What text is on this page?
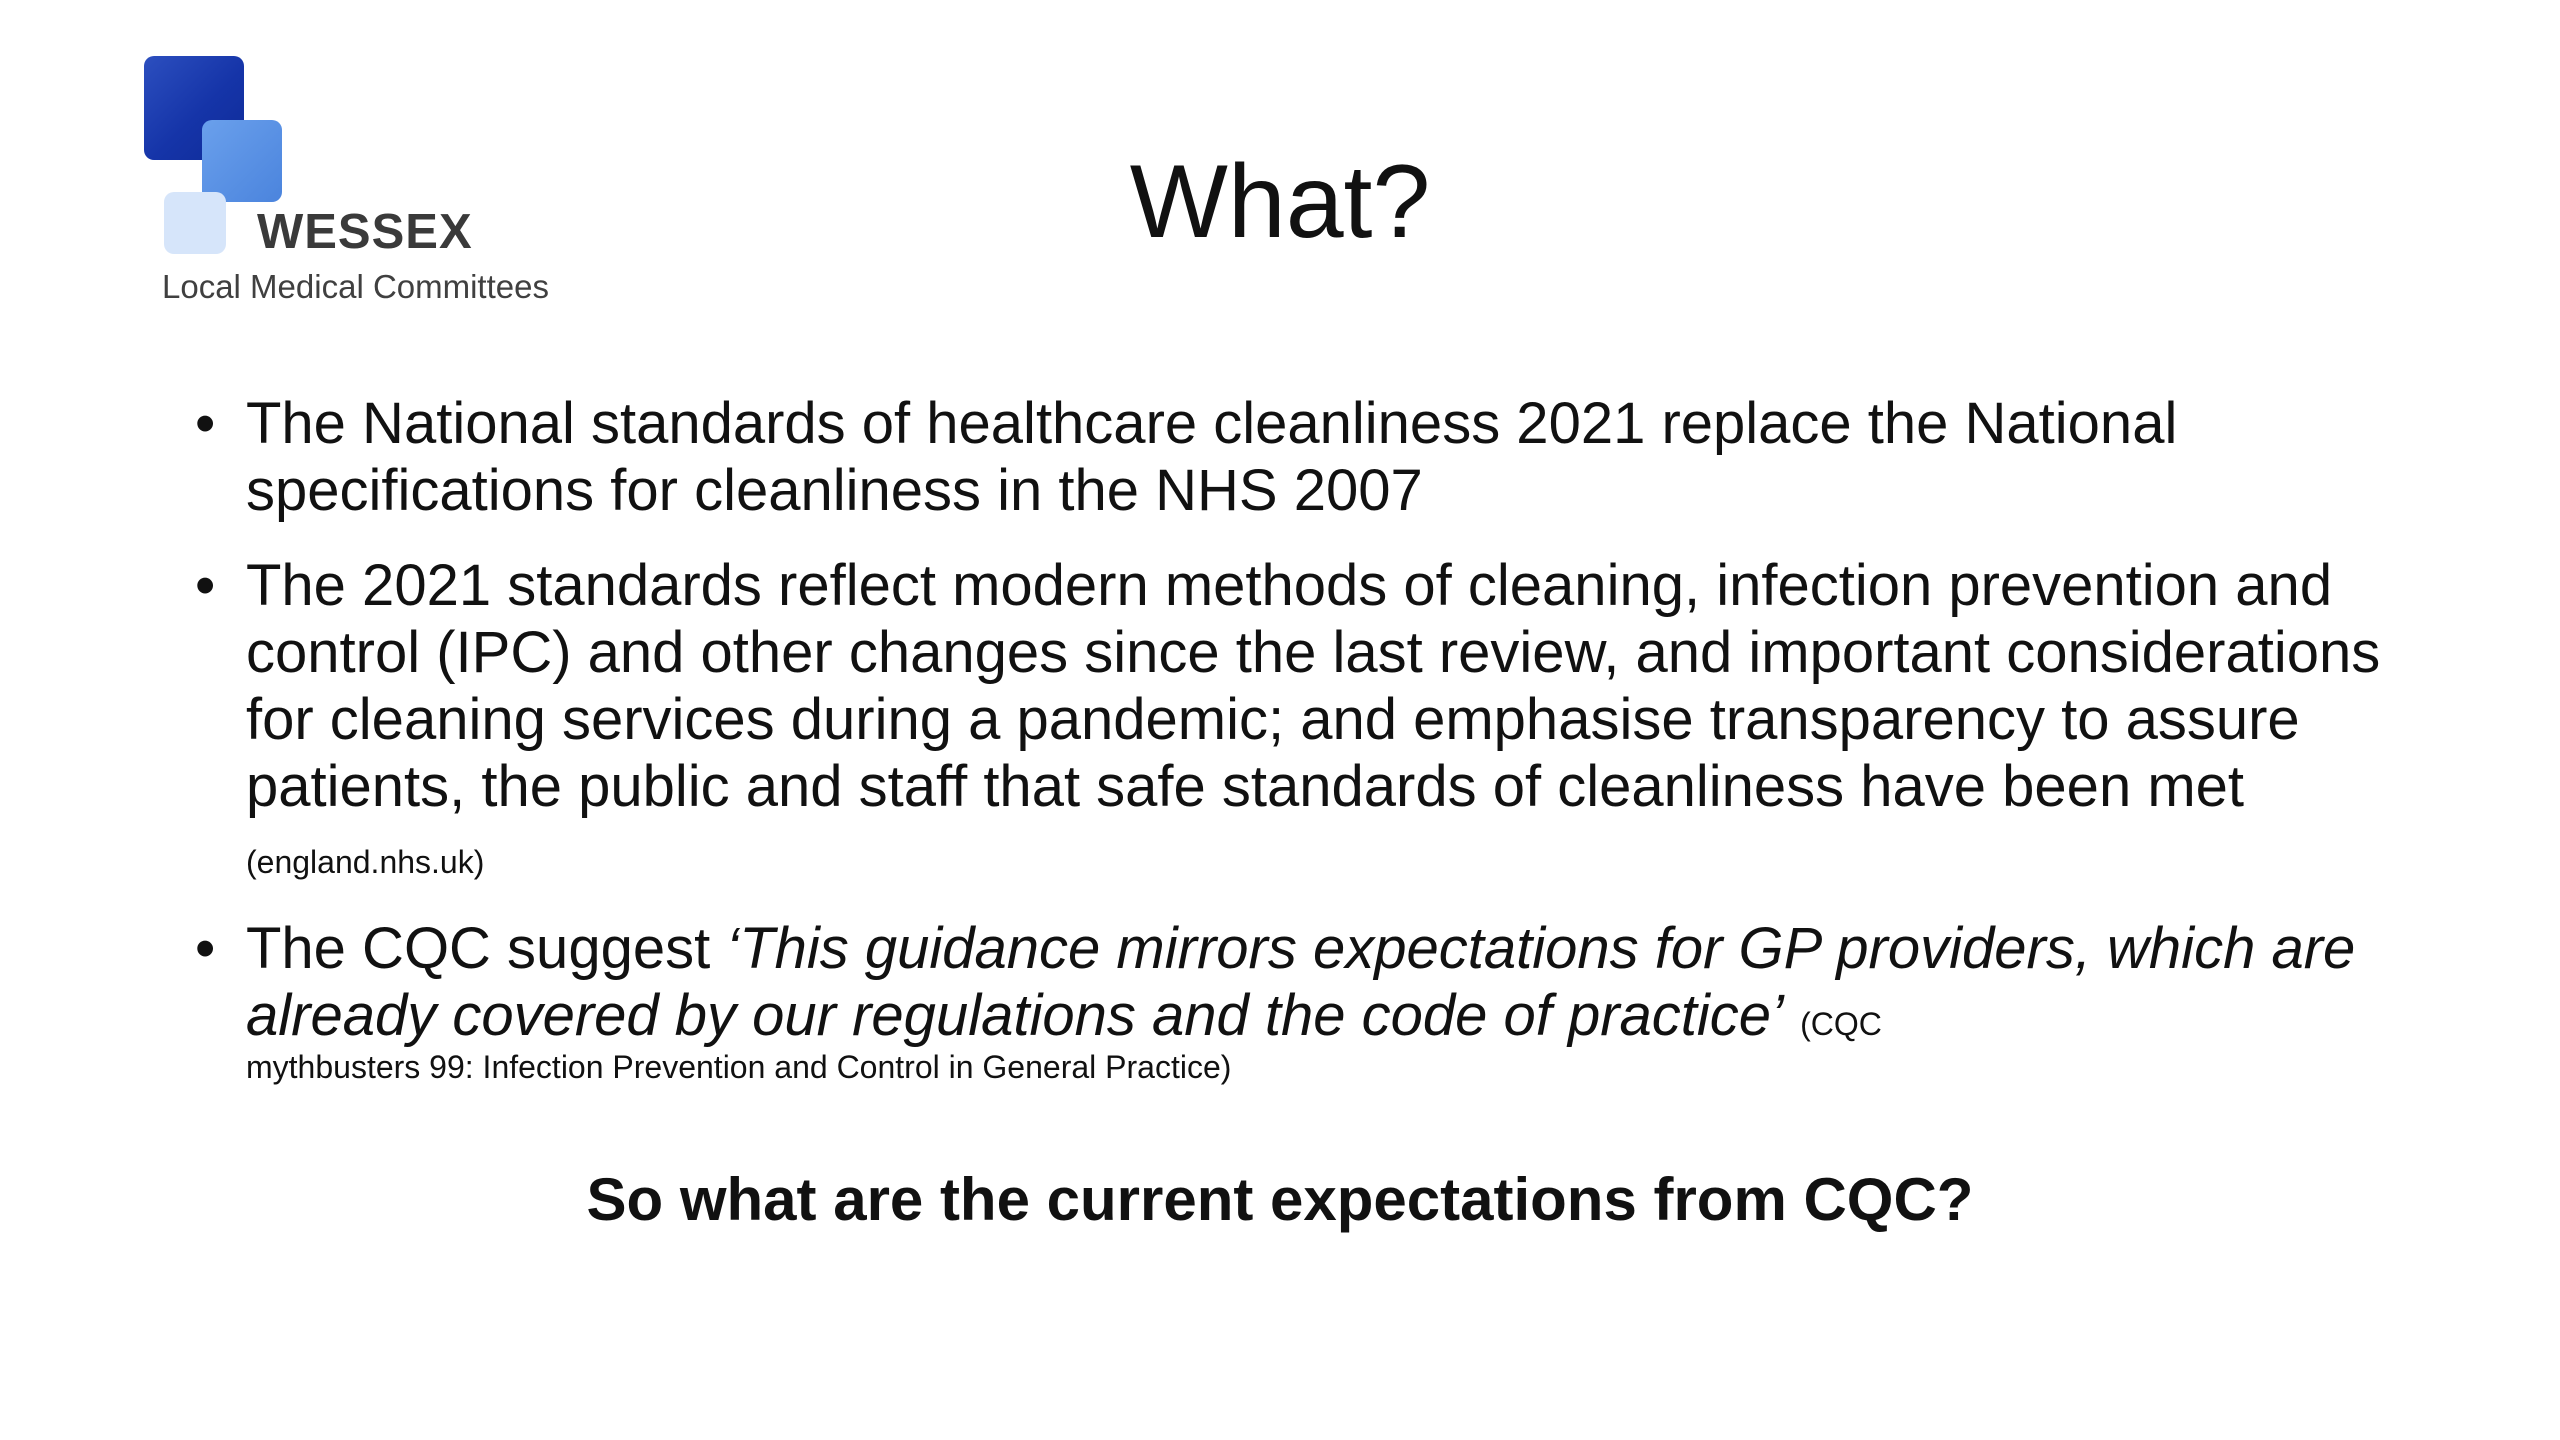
WESSEX
Local Medical Committees
What?
• The National standards of healthcare cleanliness 2021 replace the National specifications for cleanliness in the NHS 2007
• The 2021 standards reflect modern methods of cleaning, infection prevention and control (IPC) and other changes since the last review, and important considerations for cleaning services during a pandemic; and emphasise transparency to assure patients, the public and staff that safe standards of cleanliness have been met (england.nhs.uk)
• The CQC suggest ‘This guidance mirrors expectations for GP providers, which are already covered by our regulations and the code of practice’ (CQC
mythbusters 99: Infection Prevention and Control in General Practice)
So what are the current expectations from CQC?
